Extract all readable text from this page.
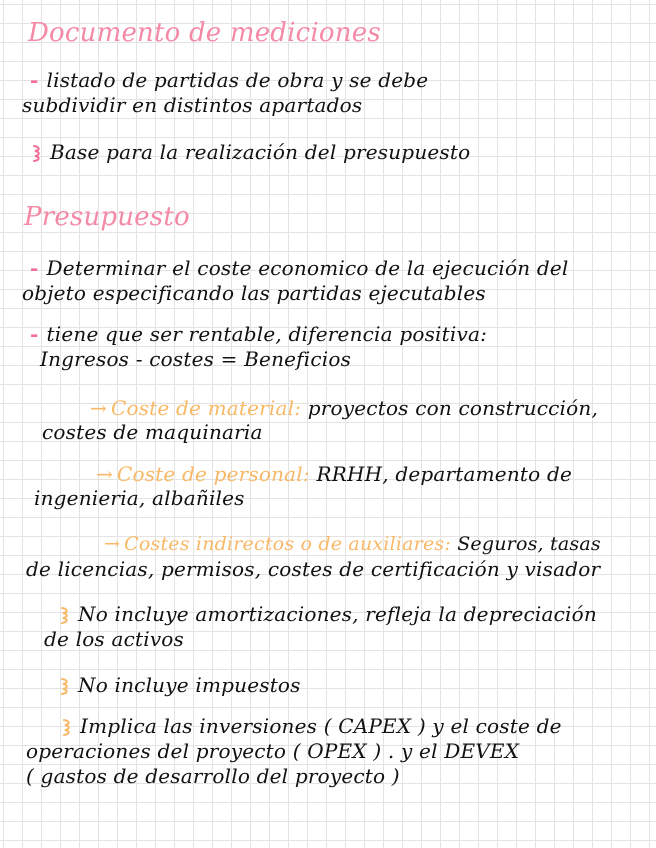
Documento de mediciones
- listado de partidas de obra y se debe
subdividir en distintos apartados
Base para la realización del presupuesto
Presupuesto
- Determinar el coste economico de la ejecución del
objeto especificando las partidas ejecutables
- tiene que ser rentable, diferencia positiva:
Ingresos - costes = Beneficios
→ Coste de material: proyectos con construcción,
costes de maquinaria
→ Coste de personal: RRHH, departamento de
ingenieria, albañiles
→ Costes indirectos o de auxiliares: Seguros, tasas
de licencias, permisos, costes de certificación y visador
No incluye amortizaciones, refleja la depreciación
de los activos
No incluye impuestos
Implica las inversiones ( CAPEX ) y el coste de
operaciones del proyecto ( OPEX ) . y el DEVEX
( gastos de desarrollo del proyecto )
